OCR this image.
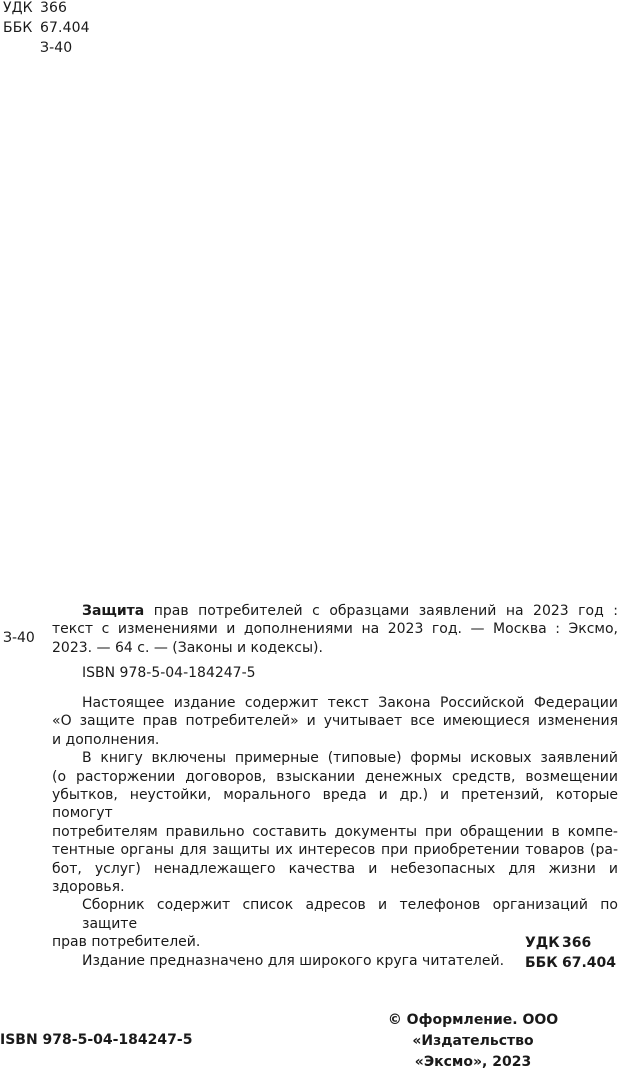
УДК 366
ББК 67.404
З-40
З-40
Защита прав потребителей с образцами заявлений на 2023 год :
текст с изменениями и дополнениями на 2023 год. — Москва : Эксмо,
2023. — 64 с. — (Законы и кодексы).
ISBN 978-5-04-184247-5
Настоящее издание содержит текст Закона Российской Федерации
«О защите прав потребителей» и учитывает все имеющиеся изменения
и дополнения.
В книгу включены примерные (типовые) формы исковых заявлений
(о расторжении договоров, взыскании денежных средств, возмещении
убытков, неустойки, морального вреда и др.) и претензий, которые помогут
потребителям правильно составить документы при обращении в компе-
тентные органы для защиты их интересов при приобретении товаров (ра-
бот, услуг) ненадлежащего качества и небезопасных для жизни и здоровья.
Сборник содержит список адресов и телефонов организаций по защите
прав потребителей.
Издание предназначено для широкого круга читателей.
УДК 366
ББК 67.404
ISBN 978-5-04-184247-5
© Оформление. ООО «Издательство
«Эксмо», 2023
